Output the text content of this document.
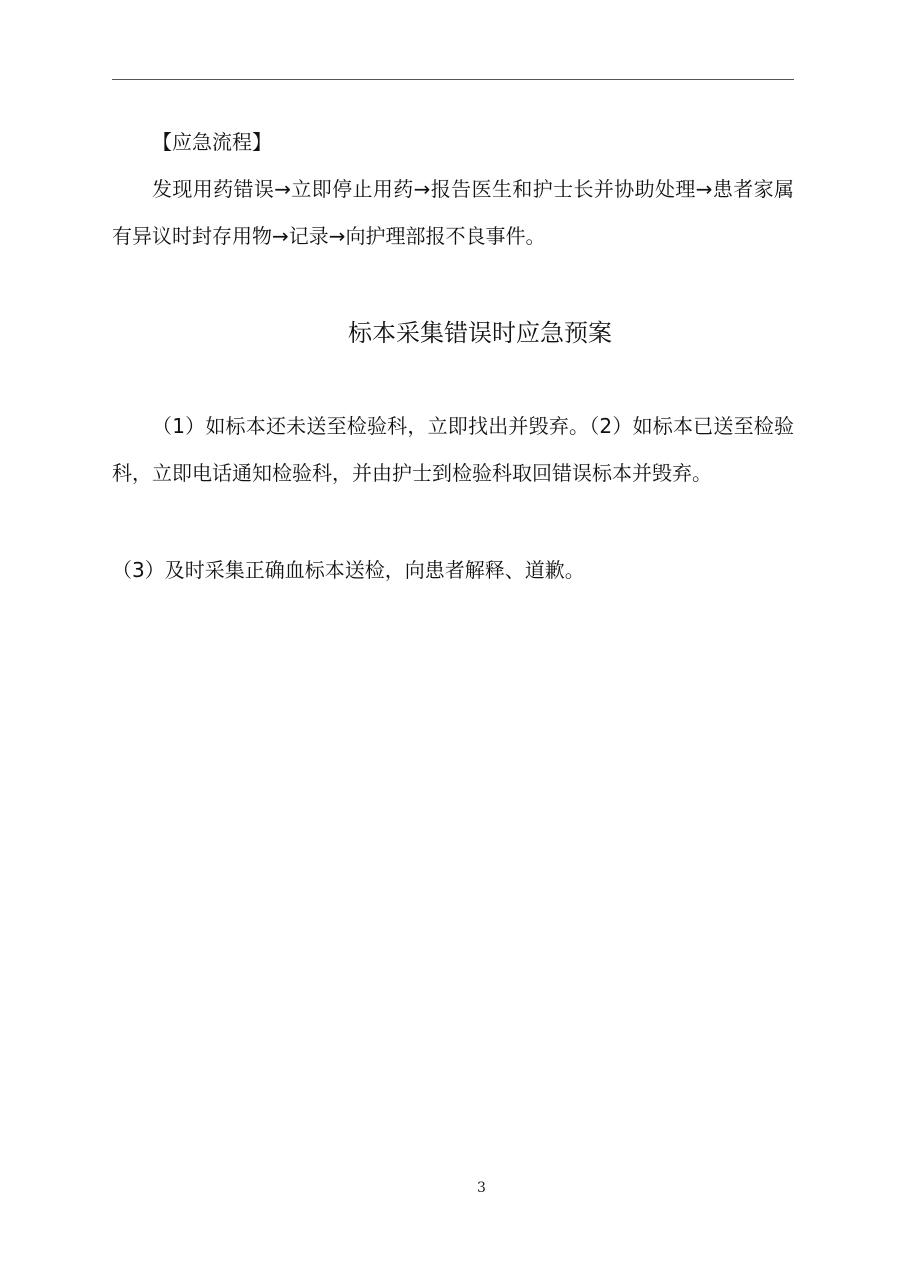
【应急流程】

发现用药错误→立即停止用药→报告医生和护士长并协助处理→患者家属有异议时封存用物→记录→向护理部报不良事件。

标本采集错误时应急预案

（1）如标本还未送至检验科，立即找出并毁弃。（2）如标本已送至检验科，立即电话通知检验科，并由护士到检验科取回错误标本并毁弃。

（3）及时采集正确血标本送检，向患者解释、道歉。

3
